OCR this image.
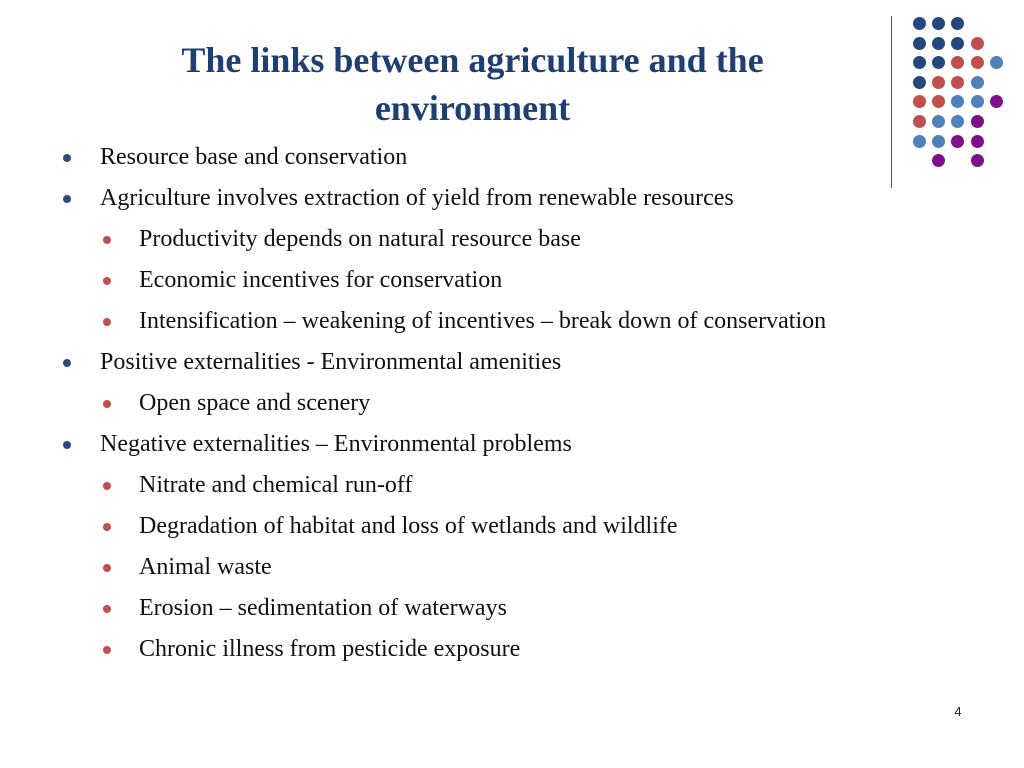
The links between agriculture and the
environment
Resource base and conservation
Agriculture involves extraction of yield from renewable resources
Productivity depends on natural resource base
Economic incentives for conservation
Intensification – weakening of incentives – break down of conservation
Positive externalities - Environmental amenities
Open space and scenery
Negative externalities – Environmental problems
Nitrate and chemical run-off
Degradation of habitat and loss of wetlands and wildlife
Animal waste
Erosion – sedimentation of waterways
Chronic illness from pesticide exposure
4
